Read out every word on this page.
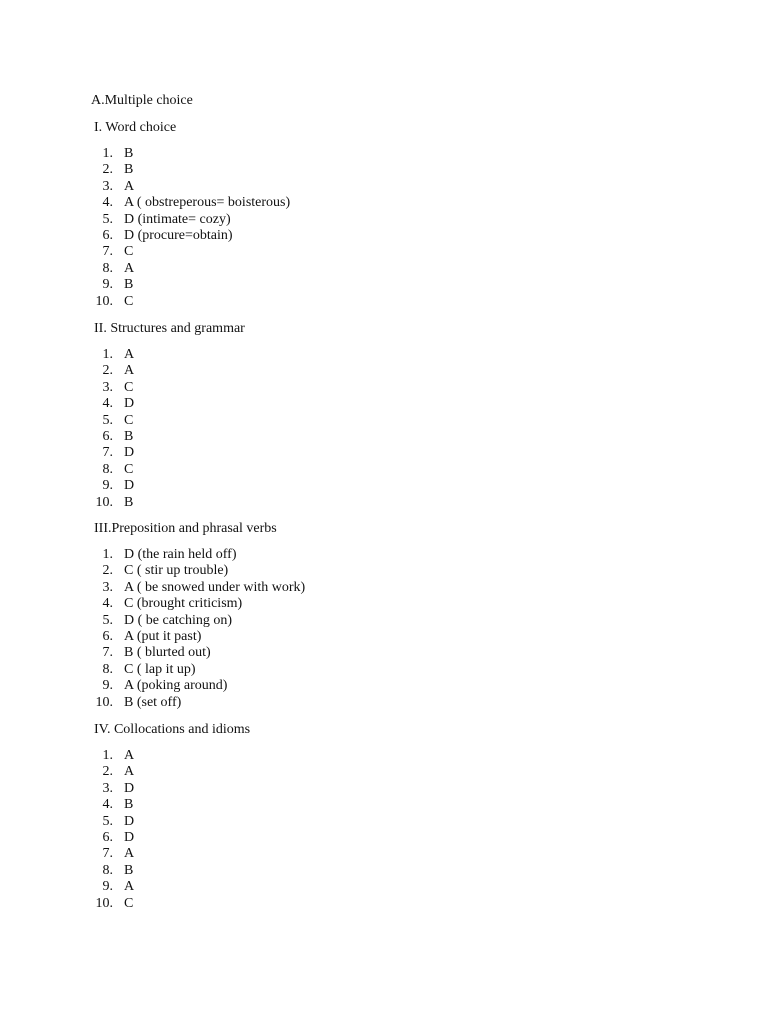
A.Multiple choice
I. Word choice
1. B
2. B
3. A
4. A ( obstreperous= boisterous)
5. D (intimate= cozy)
6. D (procure=obtain)
7. C
8. A
9. B
10. C
II. Structures and grammar
1. A
2. A
3. C
4. D
5. C
6. B
7. D
8. C
9. D
10. B
III.Preposition and phrasal verbs
1. D (the rain held off)
2. C ( stir up trouble)
3. A ( be snowed under with work)
4. C (brought criticism)
5. D ( be catching on)
6. A (put it past)
7. B ( blurted out)
8. C ( lap it up)
9. A (poking around)
10. B (set off)
IV. Collocations and idioms
1. A
2. A
3. D
4. B
5. D
6. D
7. A
8. B
9. A
10. C
